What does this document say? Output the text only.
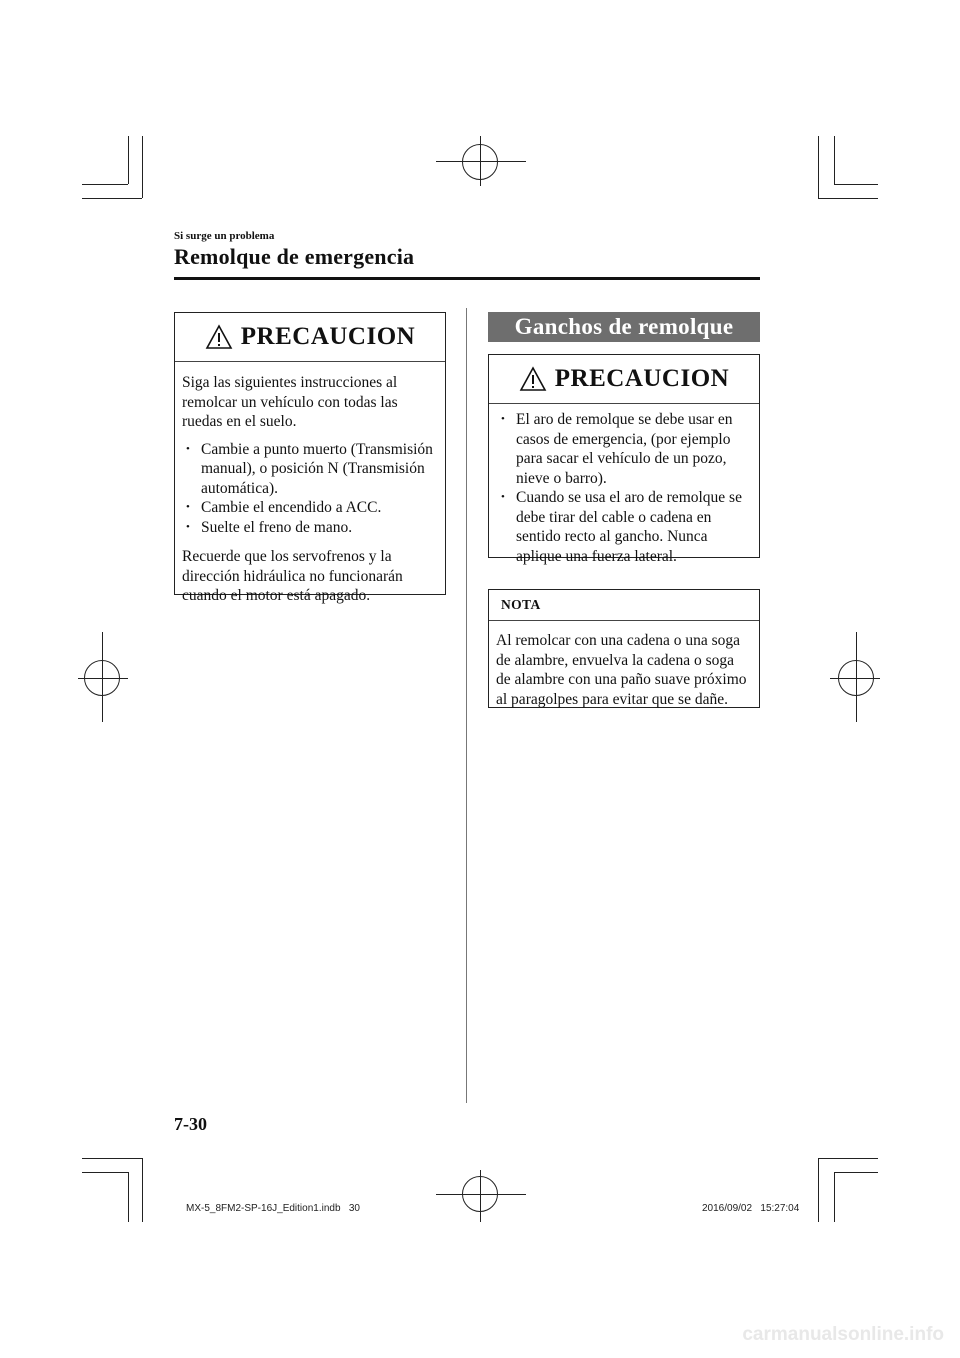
Si surge un problema
Remolque de emergencia
PRECAUCION

Siga las siguientes instrucciones al remolcar un vehículo con todas las ruedas en el suelo.

• Cambie a punto muerto (Transmisión manual), o posición N (Transmisión automática).
• Cambie el encendido a ACC.
• Suelte el freno de mano.

Recuerde que los servofrenos y la dirección hidráulica no funcionarán cuando el motor está apagado.

Ganchos de remolque
PRECAUCION
• El aro de remolque se debe usar en casos de emergencia, (por ejemplo para sacar el vehículo de un pozo, nieve o barro).
• Cuando se usa el aro de remolque se debe tirar del cable o cadena en sentido recto al gancho. Nunca aplique una fuerza lateral.
NOTA

Al remolcar con una cadena o una soga de alambre, envuelva la cadena o soga de alambre con una paño suave próximo al paragolpes para evitar que se dañe.

7-30
MX-5_8FM2-SP-16J_Edition1.indb   30	2016/09/02   15:27:04
carmanualsonline.info
